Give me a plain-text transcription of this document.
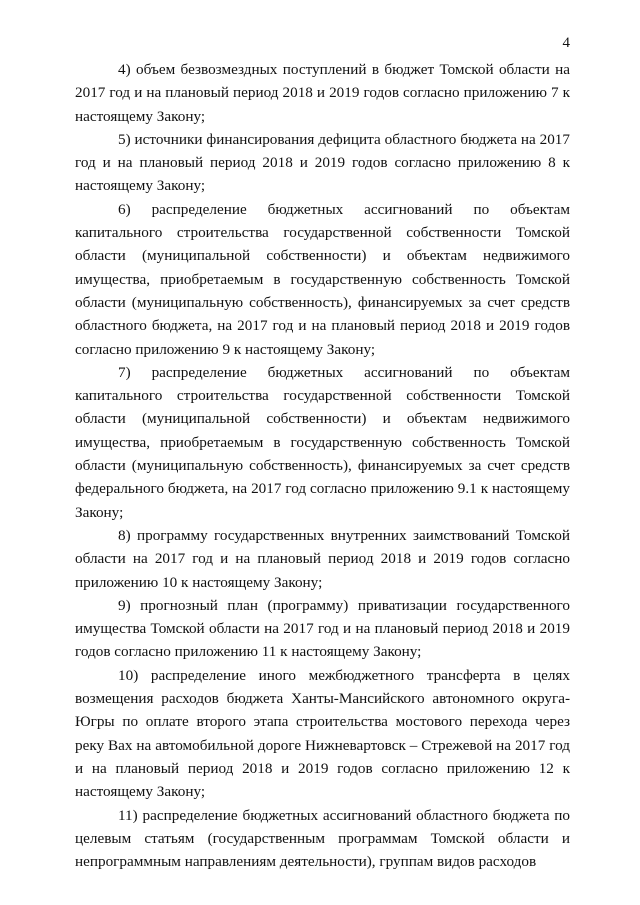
4

4) объем безвозмездных поступлений в бюджет Томской области на 2017 год и на плановый период 2018 и 2019 годов согласно приложению 7 к настоящему Закону;

5) источники финансирования дефицита областного бюджета на 2017 год и на плановый период 2018 и 2019 годов согласно приложению 8 к настоящему Закону;

6) распределение бюджетных ассигнований по объектам капитального строительства государственной собственности Томской области (муниципальной собственности) и объектам недвижимого имущества, приобретаемым в государственную собственность Томской области (муниципальную собственность), финансируемых за счет средств областного бюджета, на 2017 год и на плановый период 2018 и 2019 годов согласно приложению 9 к настоящему Закону;

7) распределение бюджетных ассигнований по объектам капитального строительства государственной собственности Томской области (муниципальной собственности) и объектам недвижимого имущества, приобретаемым в государственную собственность Томской области (муниципальную собственность), финансируемых за счет средств федерального бюджета, на 2017 год согласно приложению 9.1 к настоящему Закону;

8) программу государственных внутренних заимствований Томской области на 2017 год и на плановый период 2018 и 2019 годов согласно приложению 10 к настоящему Закону;

9) прогнозный план (программу) приватизации государственного имущества Томской области на 2017 год и на плановый период 2018 и 2019 годов согласно приложению 11 к настоящему Закону;

10) распределение иного межбюджетного трансферта в целях возмещения расходов бюджета Ханты-Мансийского автономного округа-Югры по оплате второго этапа строительства мостового перехода через реку Вах на автомобильной дороге Нижневартовск – Стрежевой на 2017 год и на плановый период 2018 и 2019 годов согласно приложению 12 к настоящему Закону;

11) распределение бюджетных ассигнований областного бюджета по целевым статьям (государственным программам Томской области и непрограммным направлениям деятельности), группам видов расходов
